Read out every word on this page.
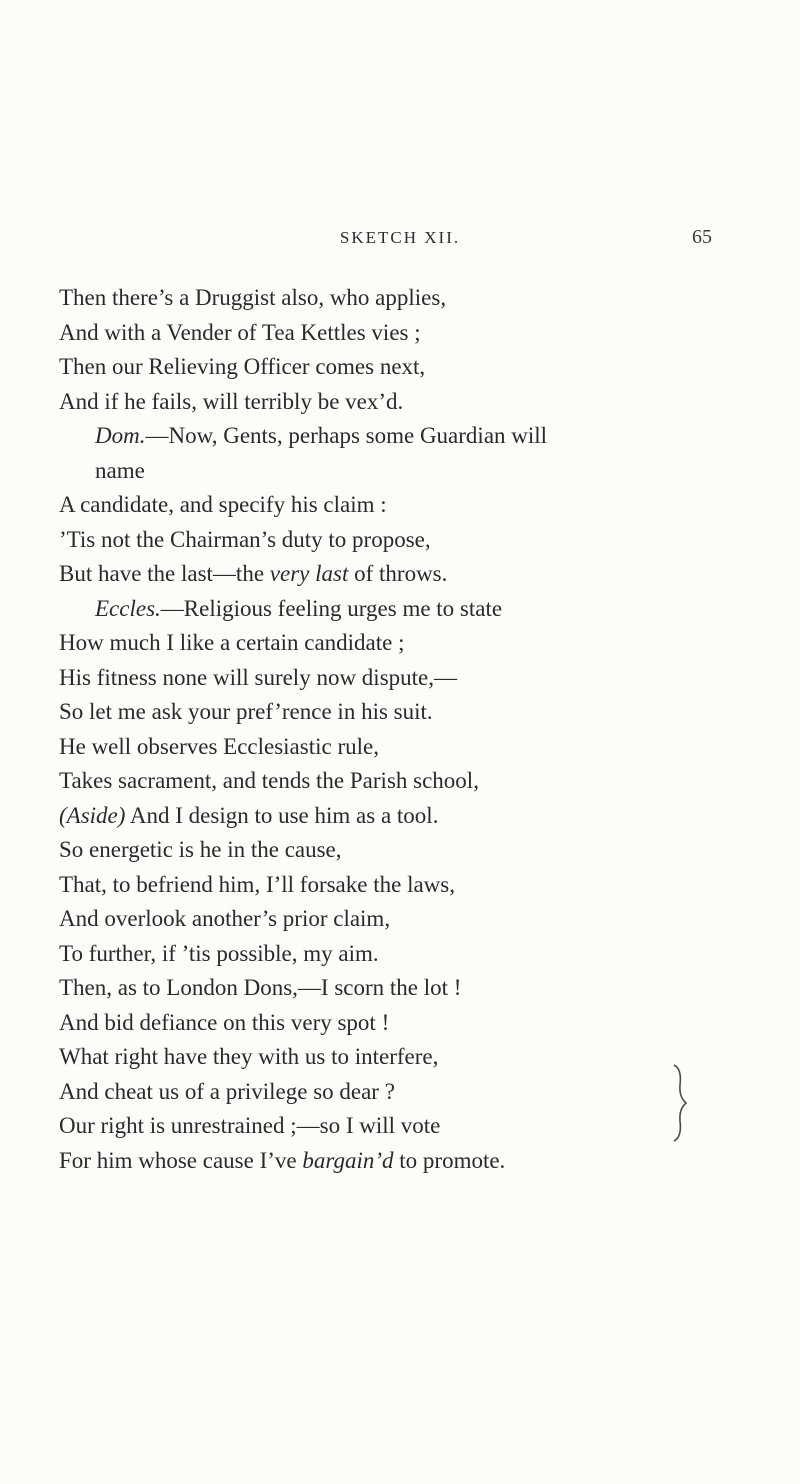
SKETCH XII.	65
Then there’s a Druggist also, who applies,
And with a Vender of Tea Kettles vies ;
Then our Relieving Officer comes next,
And if he fails, will terribly be vex’d.
Dom.—Now, Gents, perhaps some Guardian will
name
A candidate, and specify his claim :
’Tis not the Chairman’s duty to propose,
But have the last—the very last of throws.
Eccles.—Religious feeling urges me to state
How much I like a certain candidate ;
His fitness none will surely now dispute,—
So let me ask your pref’rence in his suit.
He well observes Ecclesiastic rule,
Takes sacrament, and tends the Parish school,
(Aside) And I design to use him as a tool.
So energetic is he in the cause,
That, to befriend him, I’ll forsake the laws,
And overlook another’s prior claim,
To further, if ’tis possible, my aim.
Then, as to London Dons,—I scorn the lot !
And bid defiance on this very spot !
What right have they with us to interfere,
And cheat us of a privilege so dear ?
Our right is unrestrained ;—so I will vote
For him whose cause I’ve bargain’d to promote.
